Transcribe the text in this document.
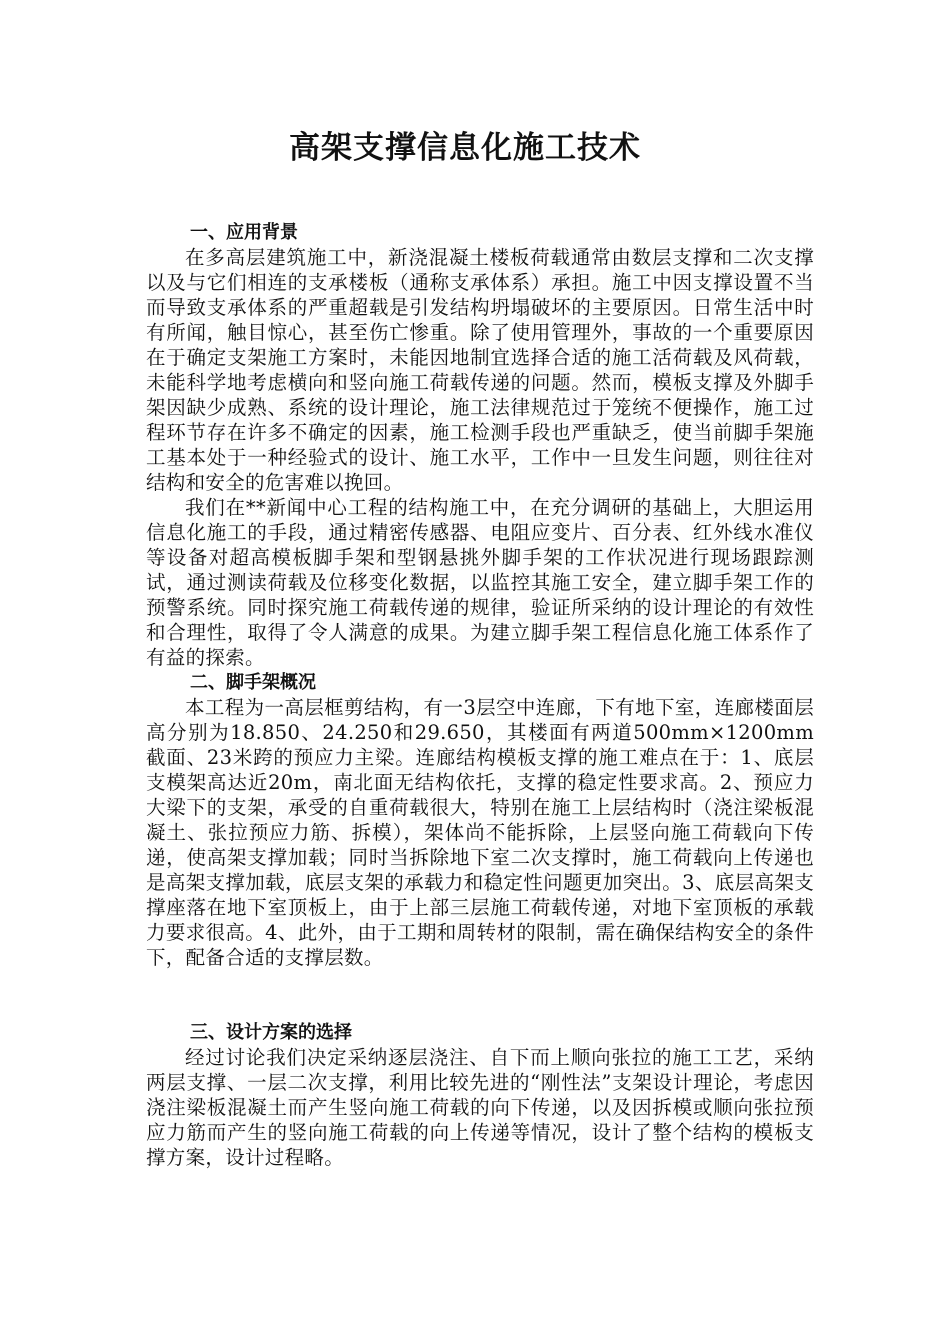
高架支撑信息化施工技术
一、应用背景

在多高层建筑施工中，新浇混凝土楼板荷载通常由数层支撑和二次支撑以及与它们相连的支承楼板（通称支承体系）承担。施工中因支撑设置不当而导致支承体系的严重超载是引发结构坍塌破坏的主要原因。日常生活中时有所闻，触目惊心，甚至伤亡惨重。除了使用管理外，事故的一个重要原因在于确定支架施工方案时，未能因地制宜选择合适的施工活荷载及风荷载，未能科学地考虑横向和竖向施工荷载传递的问题。然而，模板支撑及外脚手架因缺少成熟、系统的设计理论，施工法律规范过于笼统不便操作，施工过程环节存在许多不确定的因素，施工检测手段也严重缺乏，使当前脚手架施工基本处于一种经验式的设计、施工水平，工作中一旦发生问题，则往往对结构和安全的危害难以挽回。

我们在**新闻中心工程的结构施工中，在充分调研的基础上，大胆运用信息化施工的手段，通过精密传感器、电阻应变片、百分表、红外线水准仪等设备对超高模板脚手架和型钢悬挑外脚手架的工作状况进行现场跟踪测试，通过测读荷载及位移变化数据，以监控其施工安全，建立脚手架工作的预警系统。同时探究施工荷载传递的规律，验证所采纳的设计理论的有效性和合理性，取得了令人满意的成果。为建立脚手架工程信息化施工体系作了有益的探索。

二、脚手架概况

本工程为一高层框剪结构，有一3层空中连廊，下有地下室，连廊楼面层高分别为18.850、24.250和29.650，其楼面有两道500mm×1200mm截面、23米跨的预应力主梁。连廊结构模板支撑的施工难点在于：1、底层支模架高达近20m，南北面无结构依托，支撑的稳定性要求高。2、预应力大梁下的支架，承受的自重荷载很大，特别在施工上层结构时（浇注梁板混凝土、张拉预应力筋、拆模），架体尚不能拆除，上层竖向施工荷载向下传递，使高架支撑加载；同时当拆除地下室二次支撑时，施工荷载向上传递也是高架支撑加载，底层支架的承载力和稳定性问题更加突出。3、底层高架支撑座落在地下室顶板上，由于上部三层施工荷载传递，对地下室顶板的承载力要求很高。4、此外，由于工期和周转材的限制，需在确保结构安全的条件下，配备合适的支撑层数。

三、设计方案的选择

经过讨论我们决定采纳逐层浇注、自下而上顺向张拉的施工工艺，采纳两层支撑、一层二次支撑，利用比较先进的“刚性法”支架设计理论，考虑因浇注梁板混凝土而产生竖向施工荷载的向下传递，以及因拆模或顺向张拉预应力筋而产生的竖向施工荷载的向上传递等情况，设计了整个结构的模板支撑方案，设计过程略。
